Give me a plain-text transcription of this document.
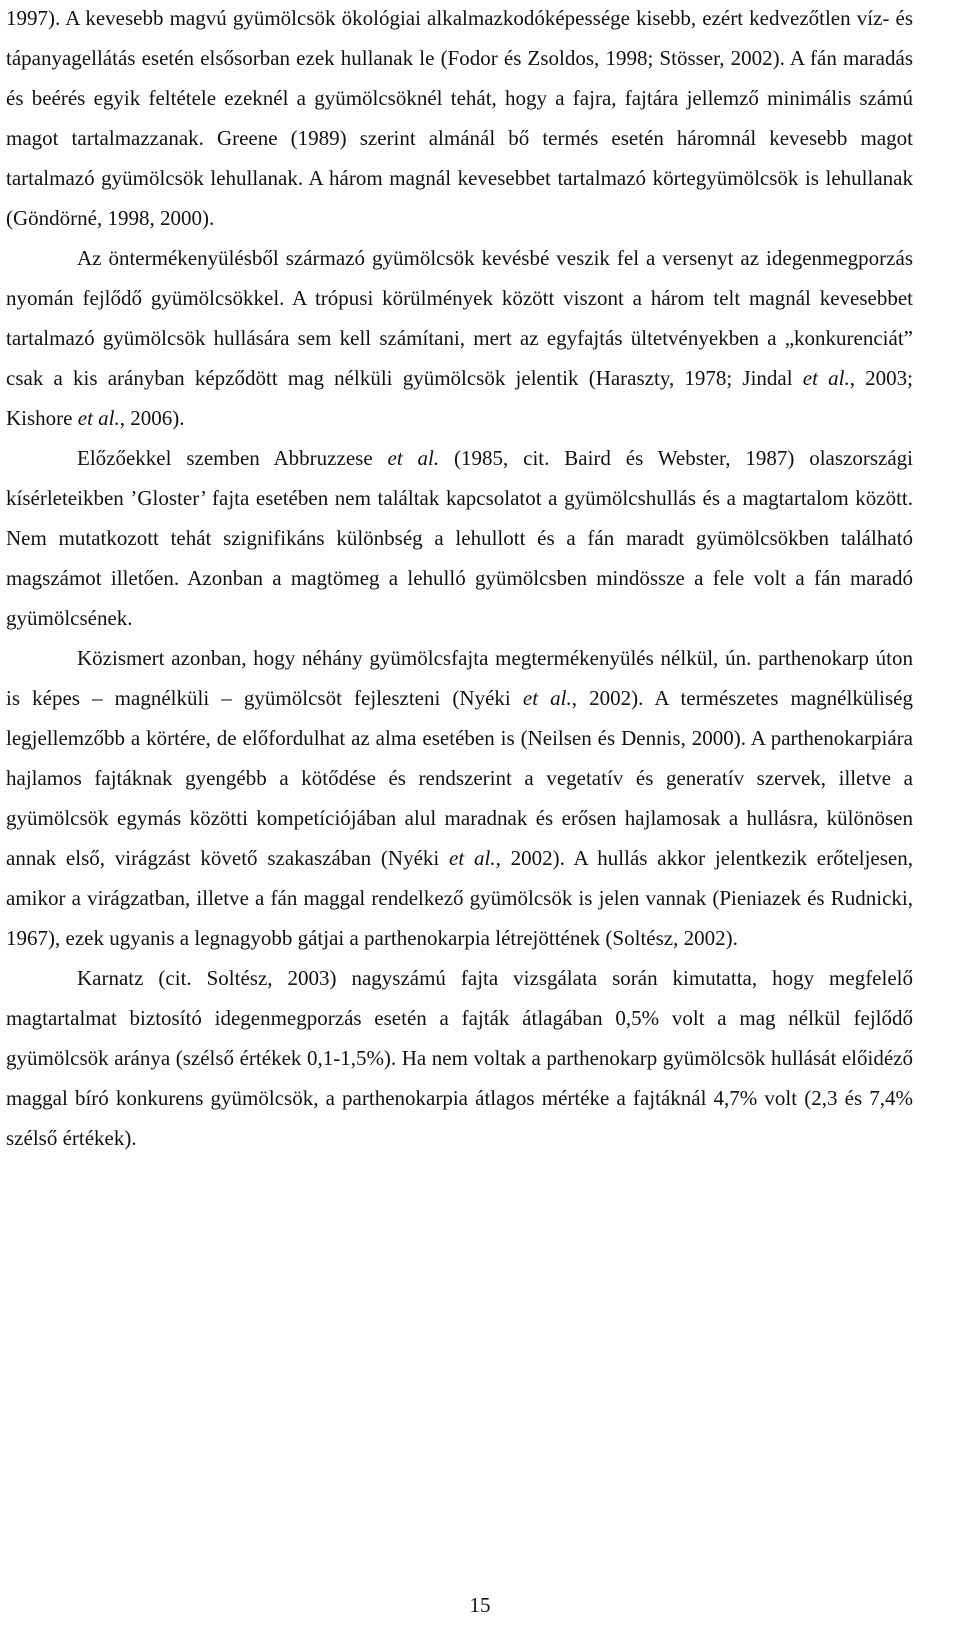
1997). A kevesebb magvú gyümölcsök ökológiai alkalmazkodóképessége kisebb, ezért kedvezőtlen víz- és tápanyagellátás esetén elsősorban ezek hullanak le (Fodor és Zsoldos, 1998; Stösser, 2002). A fán maradás és beérés egyik feltétele ezeknél a gyümölcsöknél tehát, hogy a fajra, fajtára jellemző minimális számú magot tartalmazzanak. Greene (1989) szerint almánál bő termés esetén háromnál kevesebb magot tartalmazó gyümölcsök lehullanak. A három magnál kevesebbet tartalmazó körtegyümölcsök is lehullanak (Göndörné, 1998, 2000).

Az öntermékenyülésből származó gyümölcsök kevésbé veszik fel a versenyt az idegenmegporzás nyomán fejlődő gyümölcsökkel. A trópusi körülmények között viszont a három telt magnál kevesebbet tartalmazó gyümölcsök hullására sem kell számítani, mert az egyfajtás ültetvényekben a „konkurenciát” csak a kis arányban képződött mag nélküli gyümölcsök jelentik (Haraszty, 1978; Jindal et al., 2003; Kishore et al., 2006).

Előzőekkel szemben Abbruzzese et al. (1985, cit. Baird és Webster, 1987) olaszországi kísérleteikben ’Gloster’ fajta esetében nem találtak kapcsolatot a gyümölcshullás és a magtartalom között. Nem mutatkozott tehát szignifikáns különbség a lehullott és a fán maradt gyümölcsökben található magszámot illetően. Azonban a magtömeg a lehulló gyümölcsben mindössze a fele volt a fán maradó gyümölcsének.

Közismert azonban, hogy néhány gyümölcsfajta megtermékenyülés nélkül, ún. parthenokarp úton is képes – magnélküli – gyümölcsöt fejleszteni (Nyéki et al., 2002). A természetes magnélküliség legjellemzőbb a körtére, de előfordulhat az alma esetében is (Neilsen és Dennis, 2000). A parthenokarpiára hajlamos fajtáknak gyengébb a kötődése és rendszerint a vegetatív és generatív szervek, illetve a gyümölcsök egymás közötti kompetíciójában alul maradnak és erősen hajlamosak a hullásra, különösen annak első, virágzást követő szakaszában (Nyéki et al., 2002). A hullás akkor jelentkezik erőteljesen, amikor a virágzatban, illetve a fán maggal rendelkező gyümölcsök is jelen vannak (Pieniazek és Rudnicki, 1967), ezek ugyanis a legnagyobb gátjai a parthenokarpia létrejöttének (Soltész, 2002).

Karnatz (cit. Soltész, 2003) nagyszámú fajta vizsgálata során kimutatta, hogy megfelelő magtartalmat biztosító idegenmegporzás esetén a fajták átlagában 0,5% volt a mag nélkül fejlődő gyümölcsök aránya (szélső értékek 0,1-1,5%). Ha nem voltak a parthenokarp gyümölcsök hullását előidéző maggal bíró konkurens gyümölcsök, a parthenokarpia átlagos mértéke a fajtáknál 4,7% volt (2,3 és 7,4% szélső értékek).

15
